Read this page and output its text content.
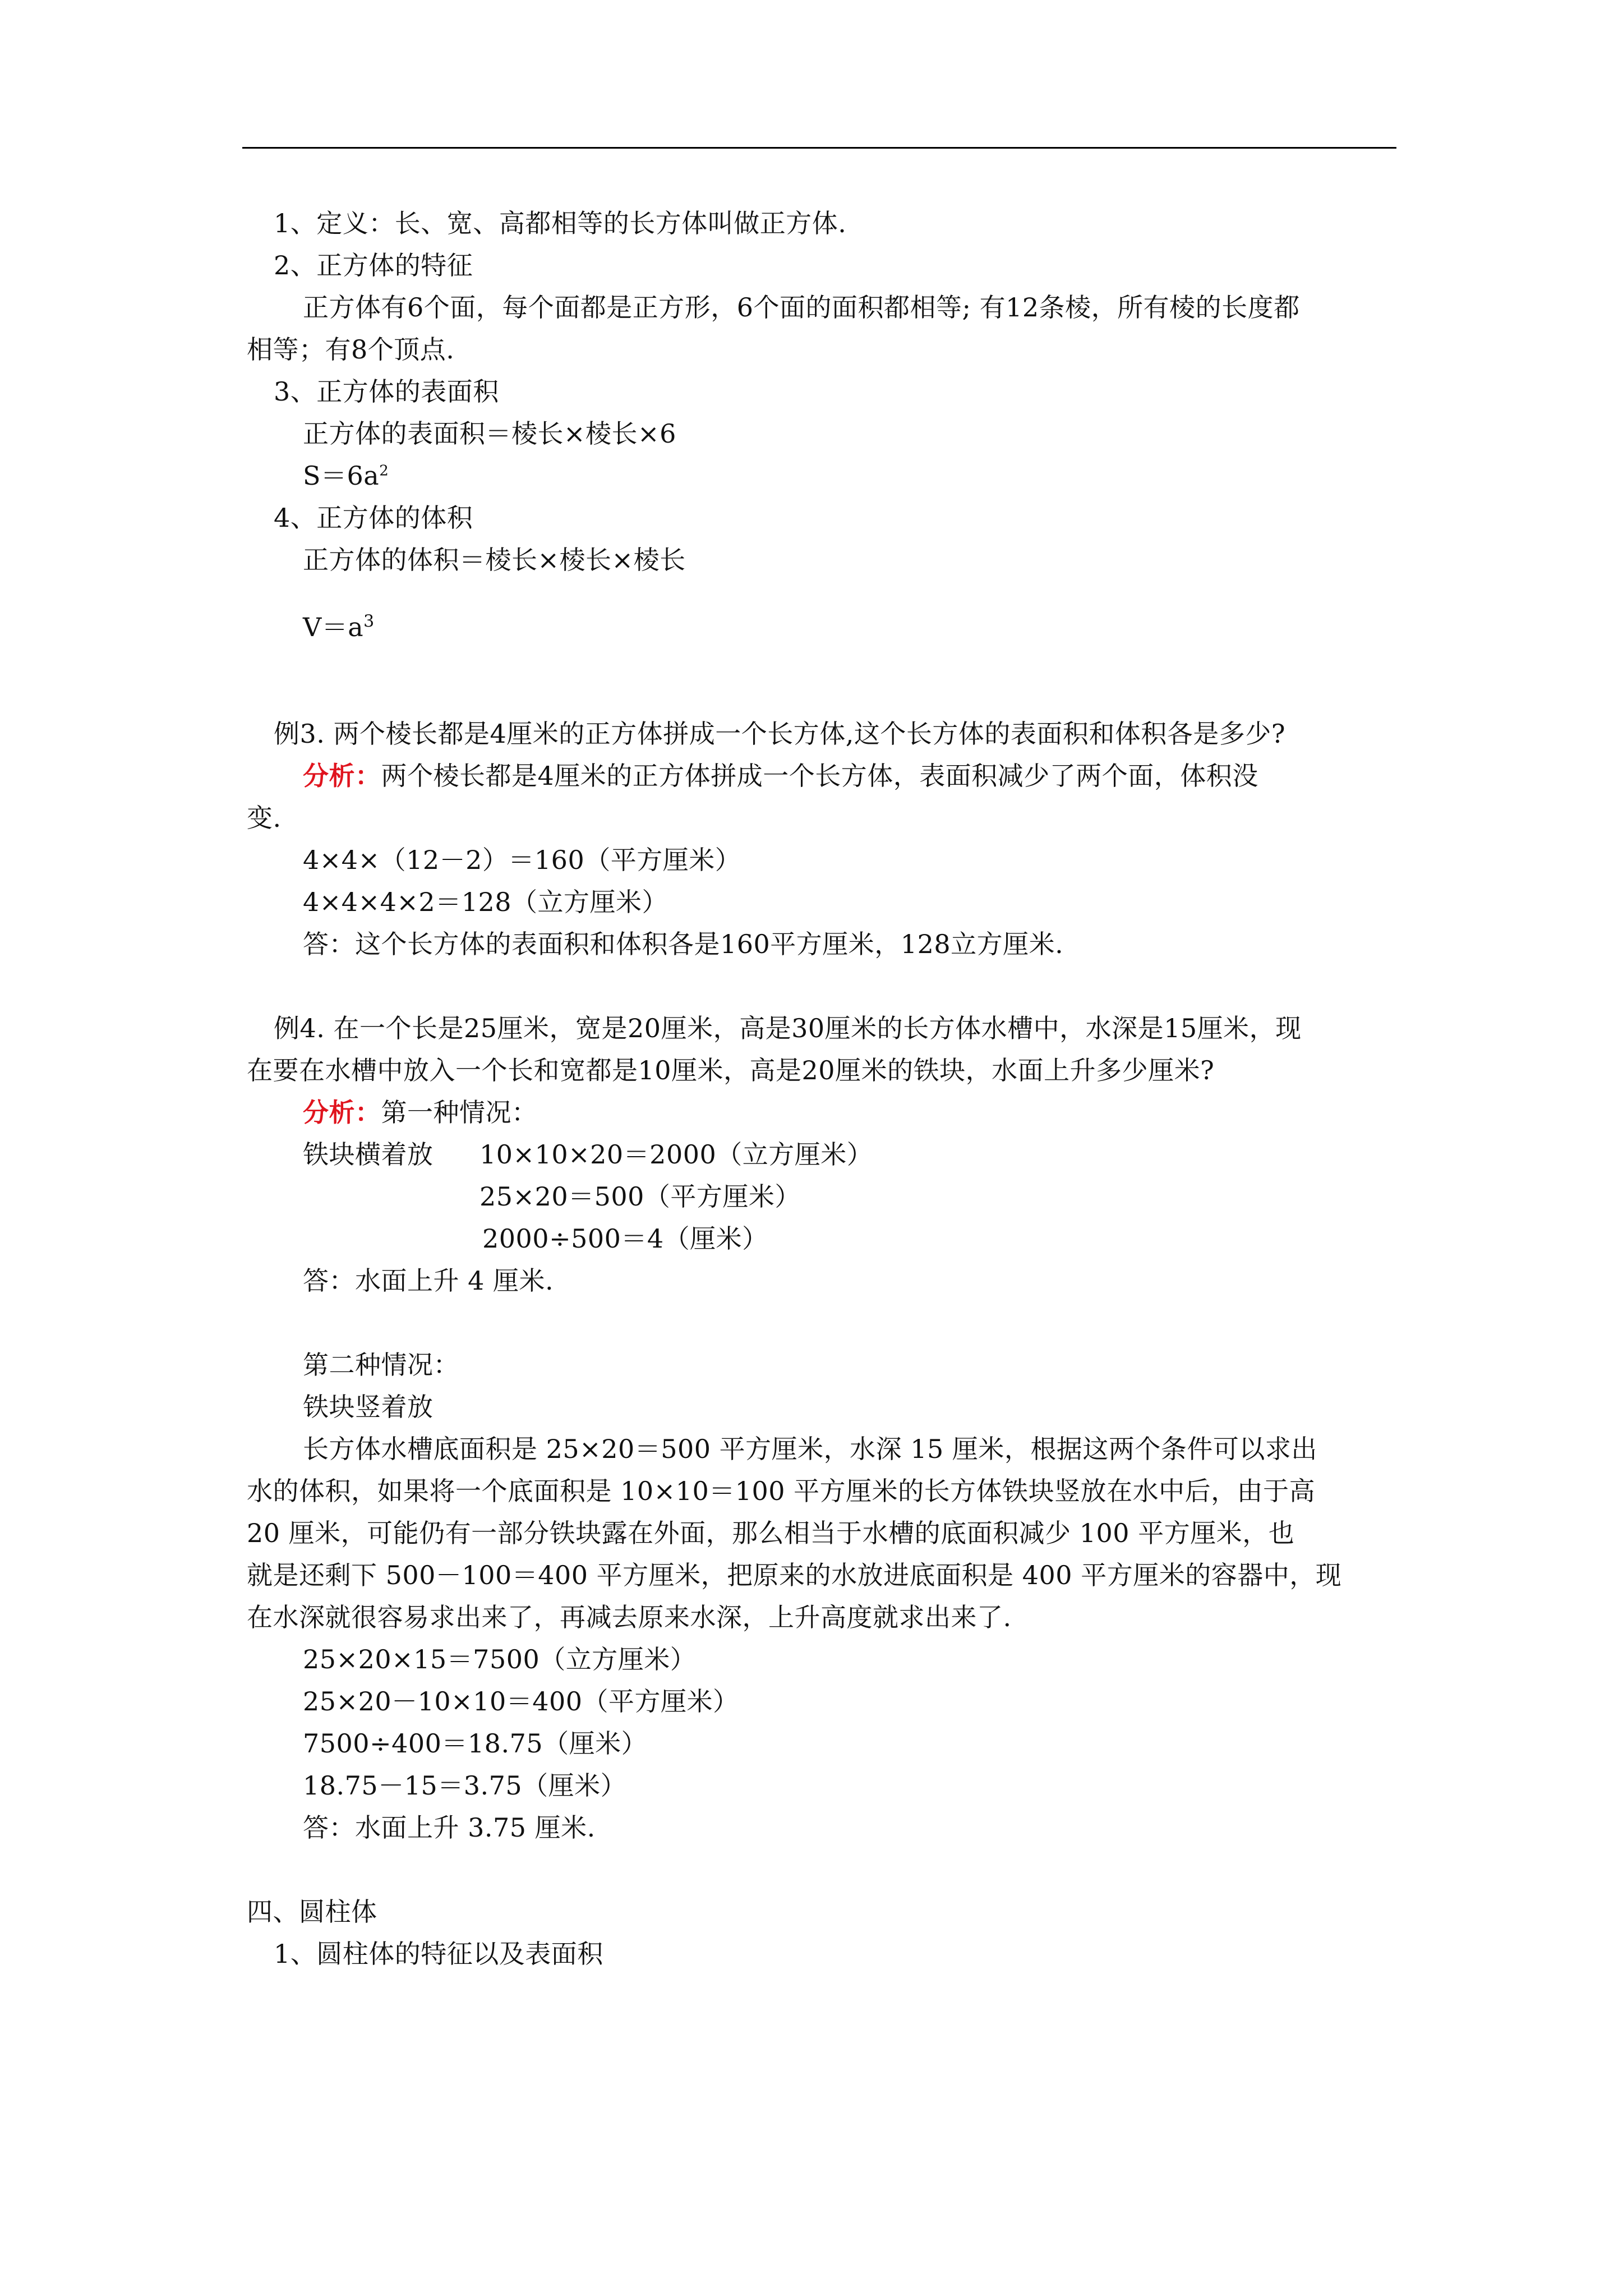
1、定义：长、宽、高都相等的长方体叫做正方体.
2、正方体的特征
正方体有6个面，每个面都是正方形，6个面的面积都相等; 有12条棱，所有棱的长度都
相等；有8个顶点.
3、正方体的表面积
正方体的表面积＝棱长×棱长×6
$S=6a^2$
4、正方体的体积
正方体的体积＝棱长×棱长×棱长
$V=a^3$
例3. 两个棱长都是4厘米的正方体拼成一个长方体,这个长方体的表面积和体积各是多少?
分析：两个棱长都是4厘米的正方体拼成一个长方体，表面积减少了两个面，体积没
变.
4×4×（12－2）＝160（平方厘米）
4×4×4×2＝128（立方厘米）
答：这个长方体的表面积和体积各是160平方厘米，128立方厘米.
例4. 在一个长是25厘米，宽是20厘米，高是30厘米的长方体水槽中，水深是15厘米，现
在要在水槽中放入一个长和宽都是10厘米，高是20厘米的铁块，水面上升多少厘米?
分析：第一种情况：
铁块横着放 10×10×20＝2000（立方厘米）
25×20＝500（平方厘米）
2000÷500＝4（厘米）
答：水面上升 4 厘米.
第二种情况：
铁块竖着放
长方体水槽底面积是 25×20＝500 平方厘米，水深 15 厘米，根据这两个条件可以求出
水的体积，如果将一个底面积是 10×10＝100 平方厘米的长方体铁块竖放在水中后，由于高
20 厘米，可能仍有一部分铁块露在外面，那么相当于水槽的底面积减少 100 平方厘米，也
就是还剩下 500－100＝400 平方厘米，把原来的水放进底面积是 400 平方厘米的容器中，现
在水深就很容易求出来了，再减去原来水深，上升高度就求出来了.
25×20×15＝7500（立方厘米）
25×20－10×10＝400（平方厘米）
7500÷400＝18.75（厘米）
18.75－15＝3.75（厘米）
答：水面上升 3.75 厘米.
四、圆柱体
1、圆柱体的特征以及表面积
